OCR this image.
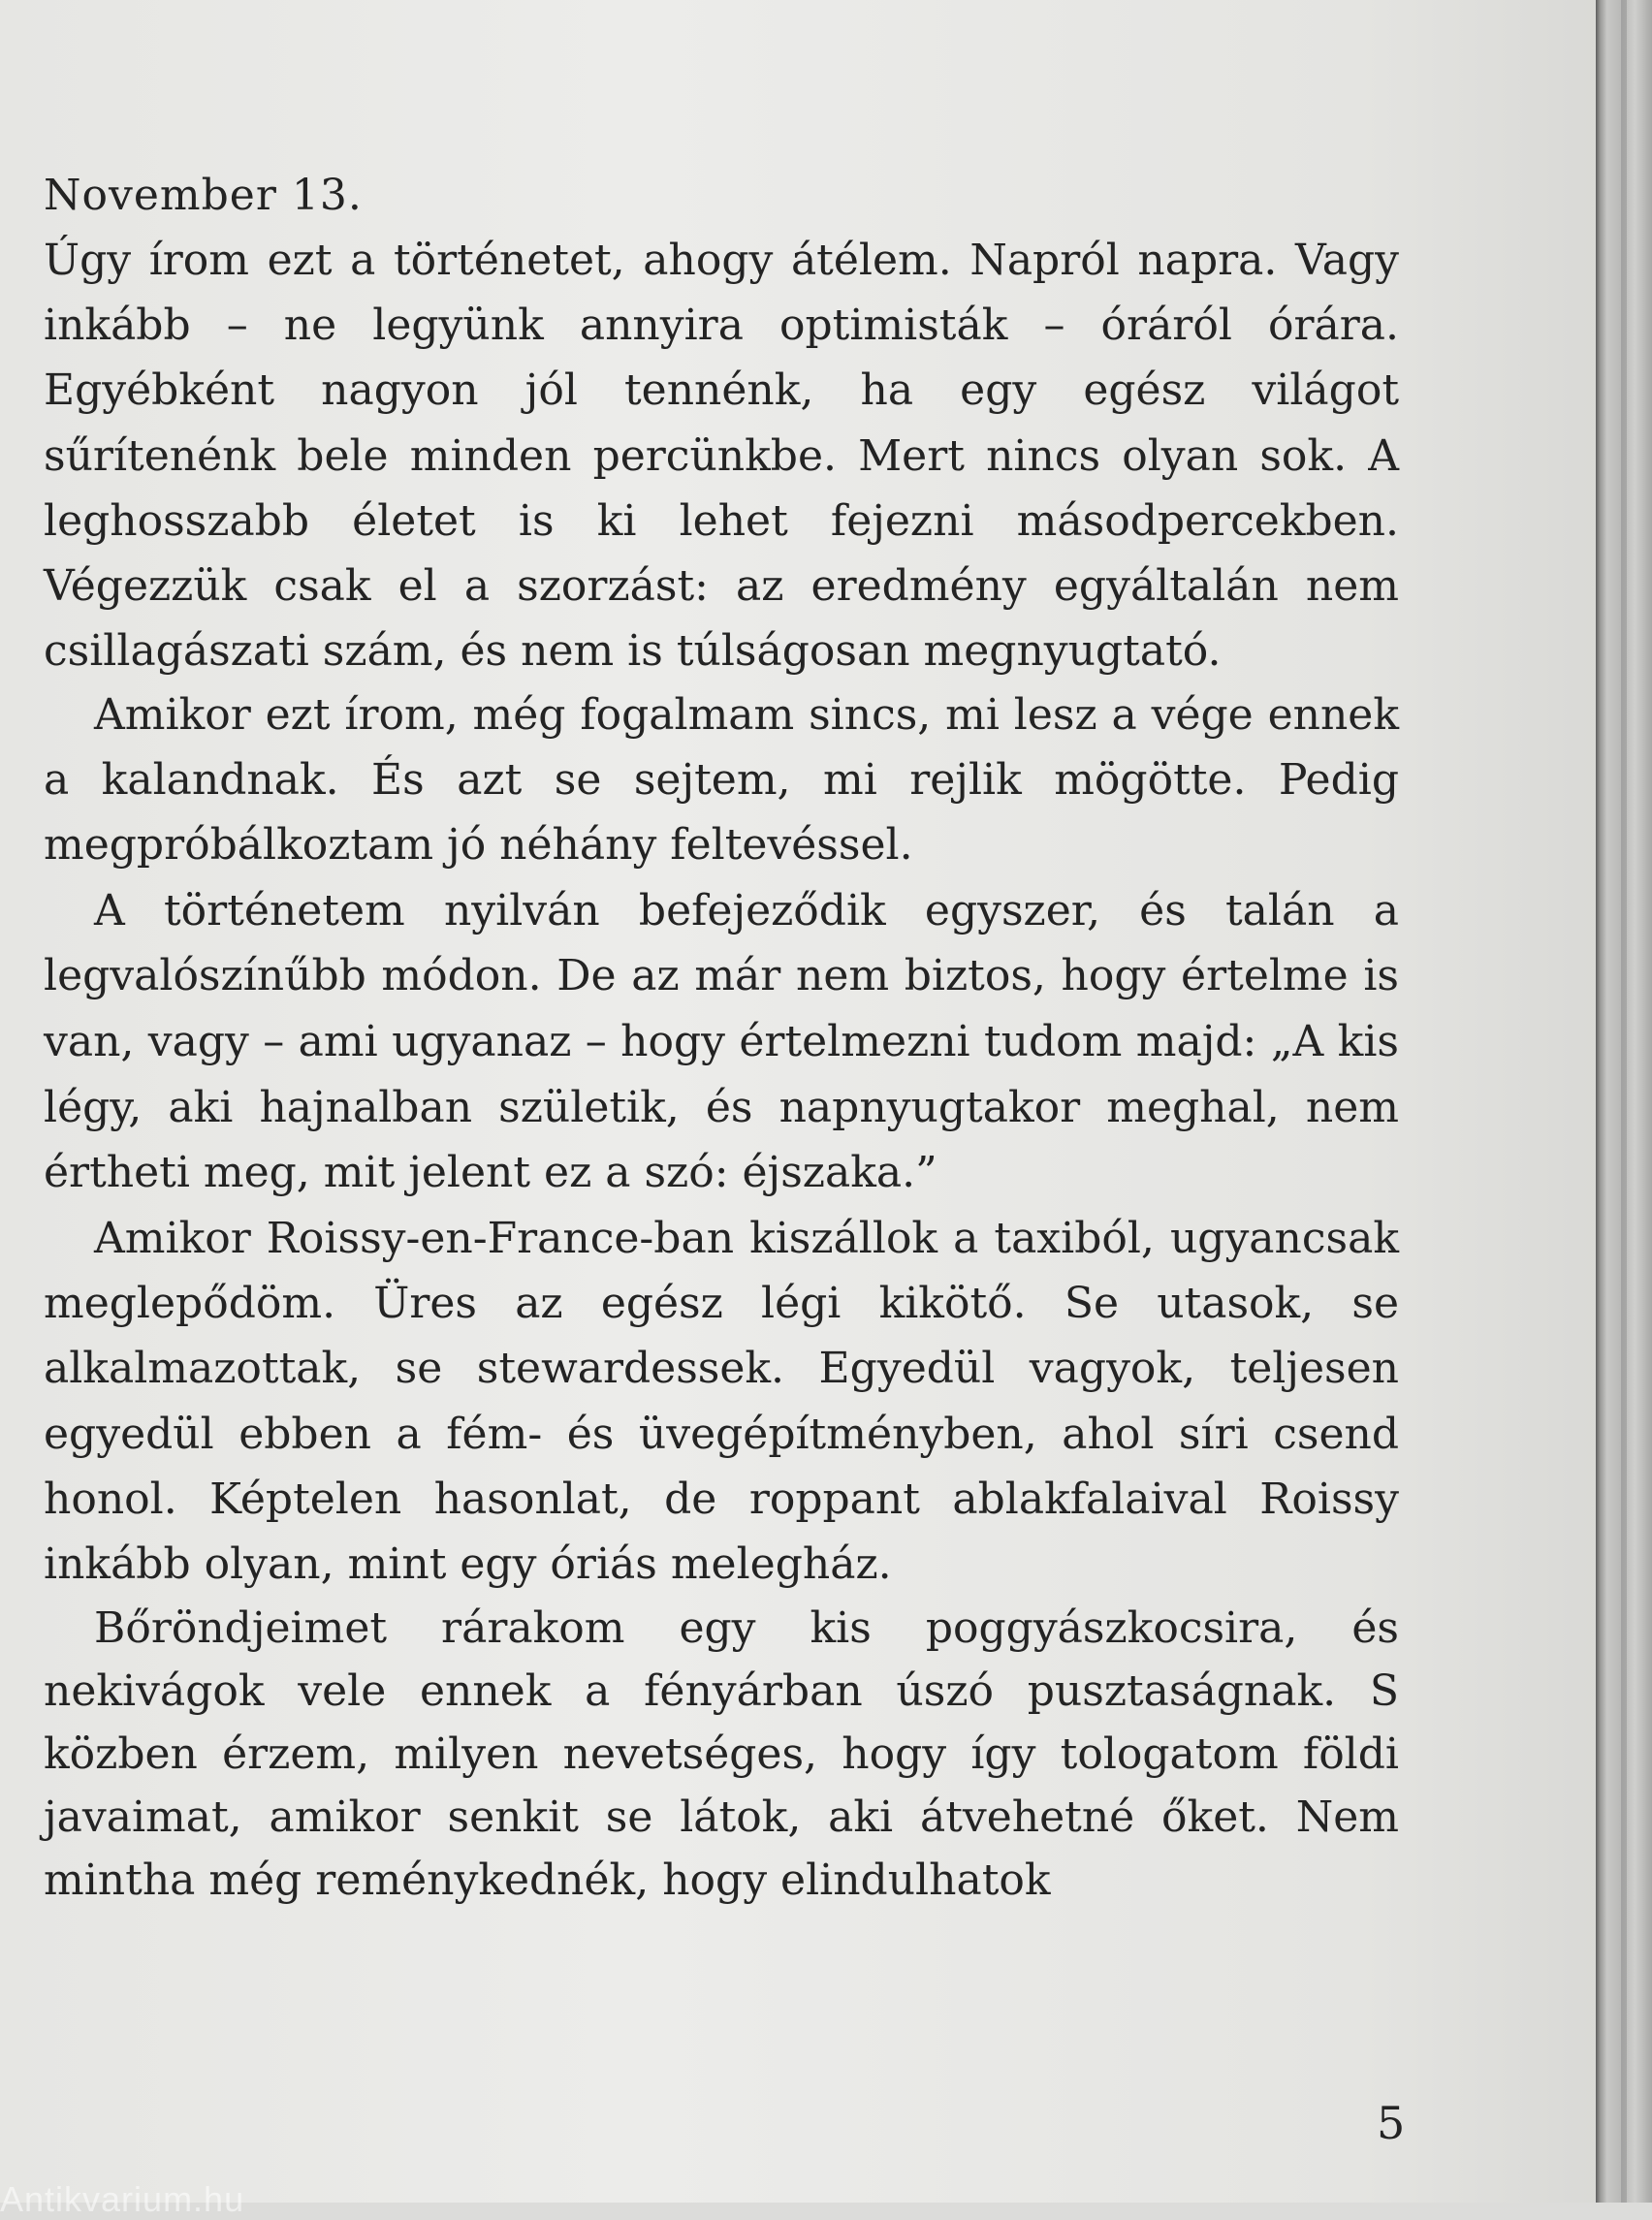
November 13.

Úgy írom ezt a történetet, ahogy átélem. Napról napra. Vagy inkább – ne legyünk annyira optimisták – óráról órára. Egyébként nagyon jól tennénk, ha egy egész világot sűrítenénk bele minden percünkbe. Mert nincs olyan sok. A leghosszabb életet is ki lehet fejezni másodpercekben. Végezzük csak el a szorzást: az eredmény egyáltalán nem csillagászati szám, és nem is túlságosan megnyugtató.

Amikor ezt írom, még fogalmam sincs, mi lesz a vége ennek a kalandnak. És azt se sejtem, mi rejlik mögötte. Pedig megpróbálkoztam jó néhány feltevéssel.

A történetem nyilván befejeződik egyszer, és talán a legvalószínűbb módon. De az már nem biztos, hogy értelme is van, vagy – ami ugyanaz – hogy értelmezni tudom majd: „A kis légy, aki hajnalban születik, és napnyugtakor meghal, nem értheti meg, mit jelent ez a szó: éjszaka.”

Amikor Roissy-en-France-ban kiszállok a taxiból, ugyancsak meglepődöm. Üres az egész légi kikötő. Se utasok, se alkalmazottak, se stewardessek. Egyedül vagyok, teljesen egyedül ebben a fém- és üvegépítményben, ahol síri csend honol. Képtelen hasonlat, de roppant ablakfalaival Roissy inkább olyan, mint egy óriás melegház.

Bőröndjeimet rárakom egy kis poggyászkocsira, és nekivágok vele ennek a fényárban úszó pusztaságnak. S közben érzem, milyen nevetséges, hogy így tologatom földi javaimat, amikor senkit se látok, aki átvehetné őket. Nem mintha még reménykednék, hogy elindulhatok

5
Antikvarium.hu
